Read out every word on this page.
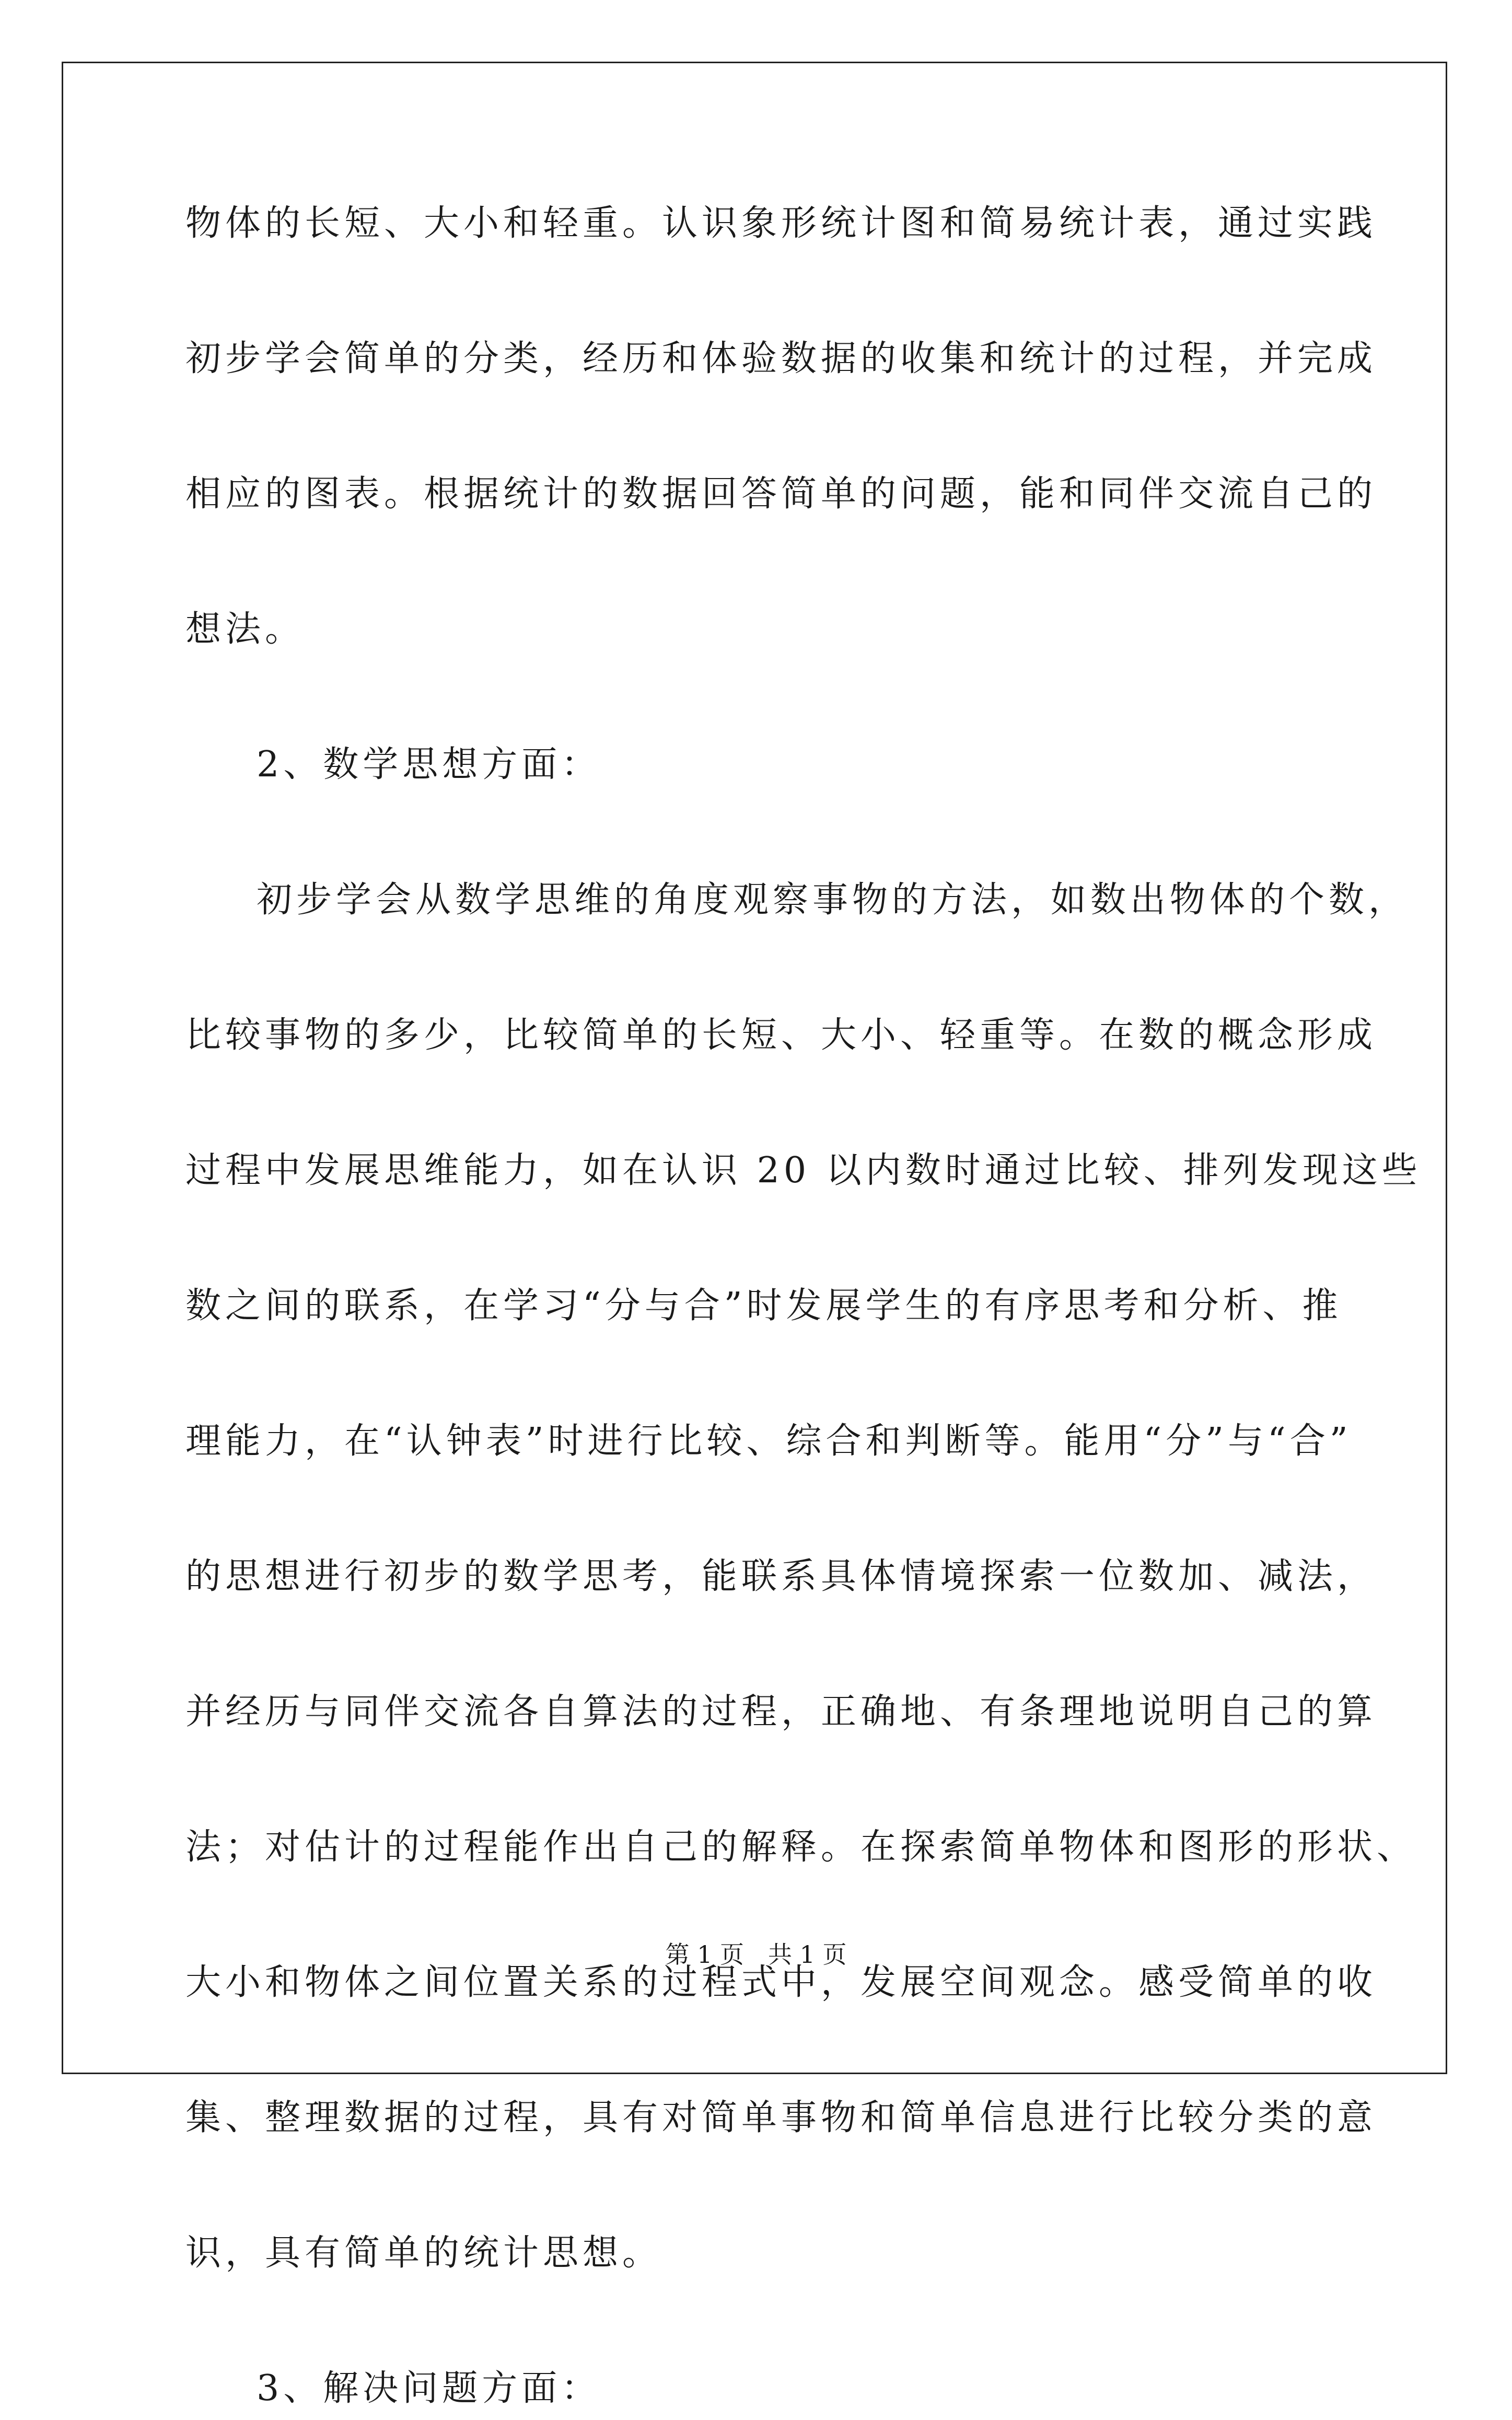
物体的长短、大小和轻重。认识象形统计图和简易统计表，通过实践
初步学会简单的分类，经历和体验数据的收集和统计的过程，并完成
相应的图表。根据统计的数据回答简单的问题，能和同伴交流自己的
想法。
2、数学思想方面：
初步学会从数学思维的角度观察事物的方法，如数出物体的个数，
比较事物的多少，比较简单的长短、大小、轻重等。在数的概念形成
过程中发展思维能力，如在认识 20 以内数时通过比较、排列发现这些
数之间的联系，在学习“分与合”时发展学生的有序思考和分析、推
理能力，在“认钟表”时进行比较、综合和判断等。能用“分”与“合”
的思想进行初步的数学思考，能联系具体情境探索一位数加、减法，
并经历与同伴交流各自算法的过程，正确地、有条理地说明自己的算
法；对估计的过程能作出自己的解释。在探索简单物体和图形的形状、
大小和物体之间位置关系的过程式中，发展空间观念。感受简单的收
集、整理数据的过程，具有对简单事物和简单信息进行比较分类的意
识，具有简单的统计思想。
3、解决问题方面：
第 1 页　共 1 页
